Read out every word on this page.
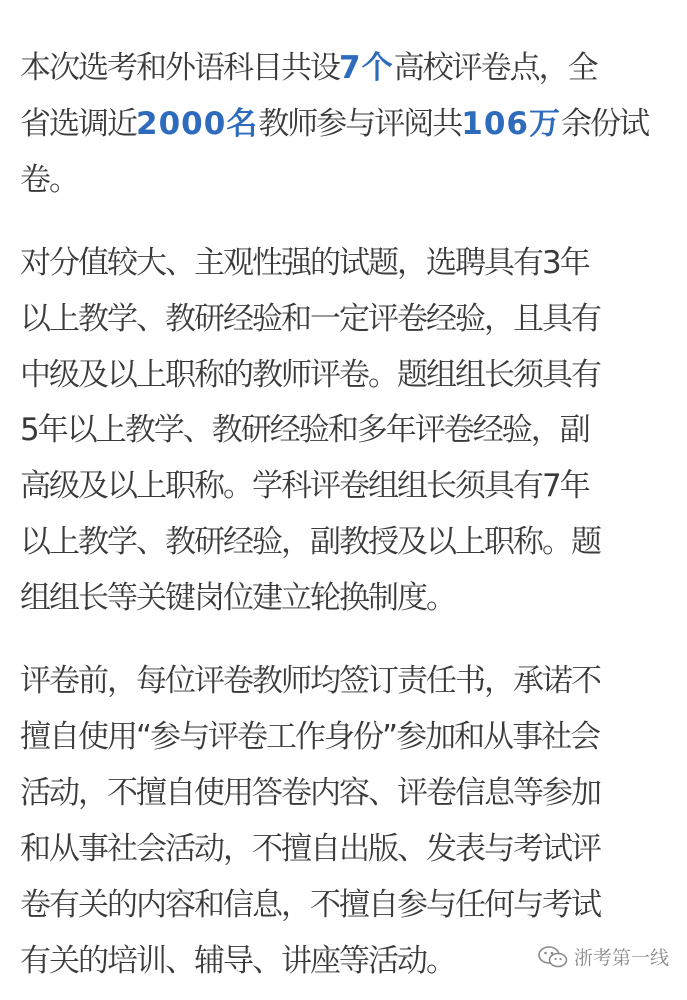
本次选考和外语科目共设7个高校评卷点，全
省选调近2000名教师参与评阅共106万余份试
卷。
对分值较大、主观性强的试题，选聘具有3年
以上教学、教研经验和一定评卷经验，且具有
中级及以上职称的教师评卷。题组组长须具有
5年以上教学、教研经验和多年评卷经验，副
高级及以上职称。学科评卷组组长须具有7年
以上教学、教研经验，副教授及以上职称。题
组组长等关键岗位建立轮换制度。
评卷前，每位评卷教师均签订责任书，承诺不
擅自使用“参与评卷工作身份”参加和从事社会
活动，不擅自使用答卷内容、评卷信息等参加
和从事社会活动，不擅自出版、发表与考试评
卷有关的内容和信息，不擅自参与任何与考试
有关的培训、辅导、讲座等活动。	浙考第一线
